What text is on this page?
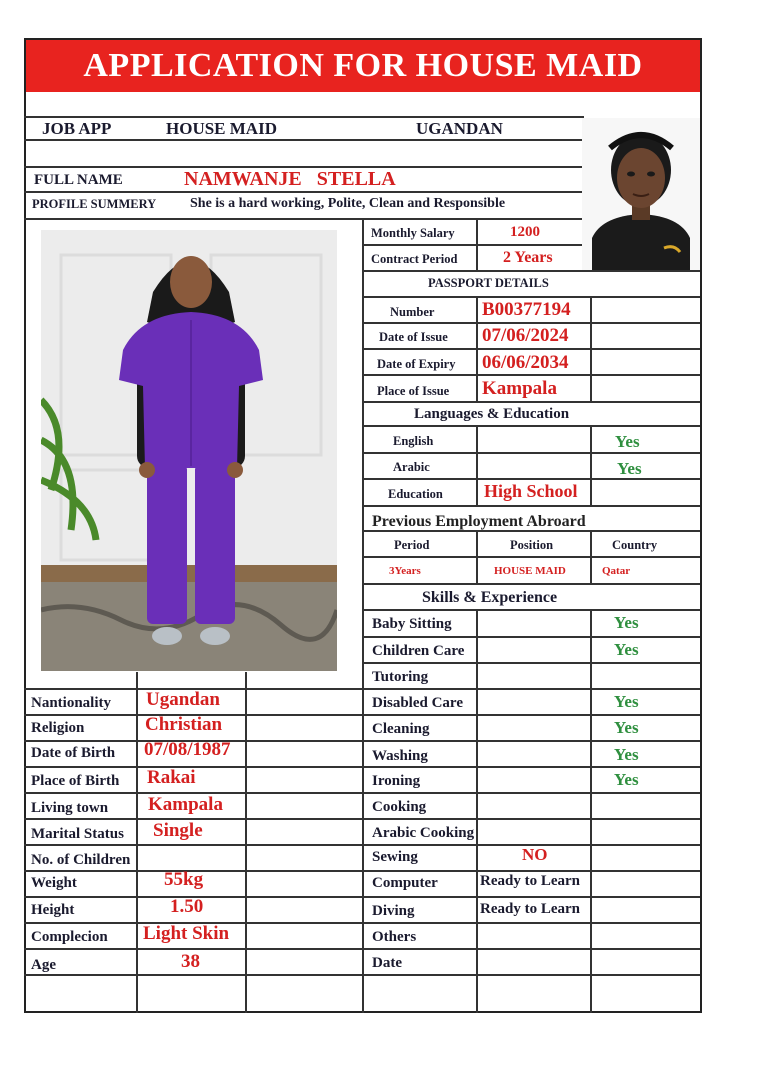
APPLICATION FOR HOUSE MAID
JOB APP	HOUSE MAID	UGANDAN
FULL NAME	NAMWANJE   STELLA
PROFILE SUMMERY She is a hard working, Polite, Clean and Responsible
Monthly Salary	1200
Contract Period	2 Years
PASSPORT DETAILS
Number	B00377194
Date of Issue 07/06/2024
Date of Expiry 06/06/2034
Place of Issue Kampala
Languages & Education
English	Yes
Arabic	Yes
Education High School
Previous Employment Abroard
Period	Position	Country
3Years	HOUSE MAID	Qatar
Skills & Experience
Baby Sitting	Yes
Children Care	Yes
Tutoring
Disabled Care	Yes
Cleaning	Yes
Washing	Yes
Ironing	Yes
Cooking
Arabic Cooking
Sewing	NO
Computer	Ready to Learn
Diving	Ready to Learn
Others
Date
Nantionality Ugandan
Religion	Christian
Date of Birth 07/08/1987
Place of Birth Rakai
Living town Kampala
Marital Status Single
No. of Children
Weight	55kg
Height	1.50
Complecion Light Skin
Age	38
